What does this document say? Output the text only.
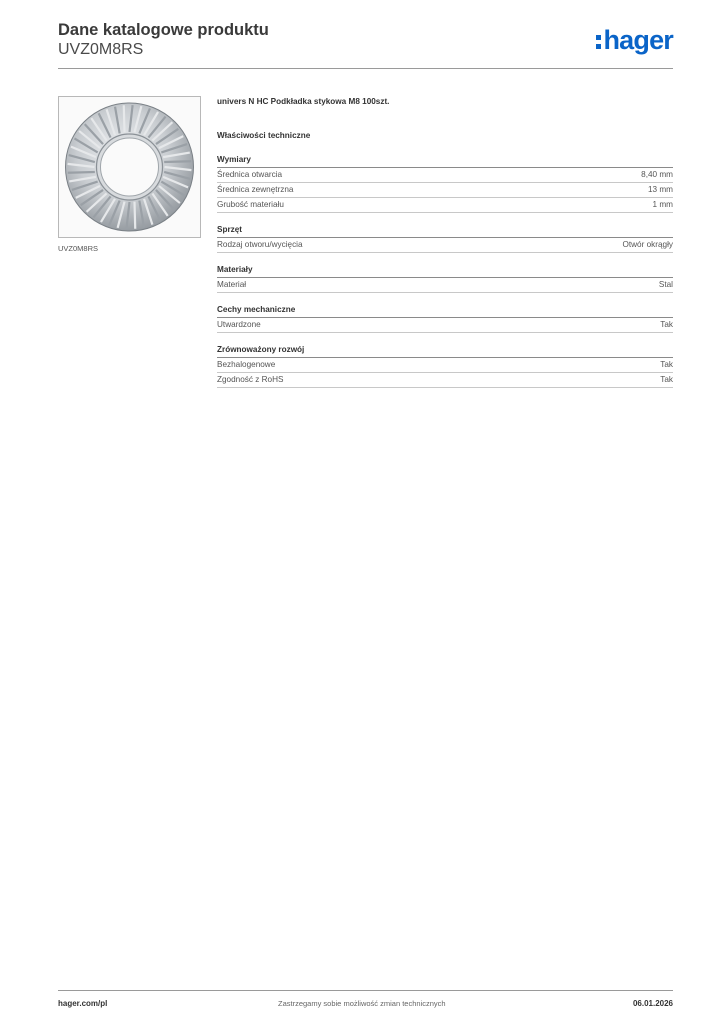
Dane katalogowe produktu
UVZ0M8RS	hager
UVZ0M8RS
univers N HC Podkładka stykowa M8 100szt.
Właściwości techniczne
Wymiary
Średnica otwarcia	8,40 mm
Średnica zewnętrzna	13 mm
Grubość materiału	1 mm
Sprzęt
Rodzaj otworu/wycięcia	Otwór okrągły
Materiały
Materiał	Stal
Cechy mechaniczne
Utwardzone	Tak
Zrównoważony rozwój
Bezhalogenowe	Tak
Zgodność z RoHS	Tak
hager.com/pl	Zastrzegamy sobie możliwość zmian technicznych	06.01.2026
